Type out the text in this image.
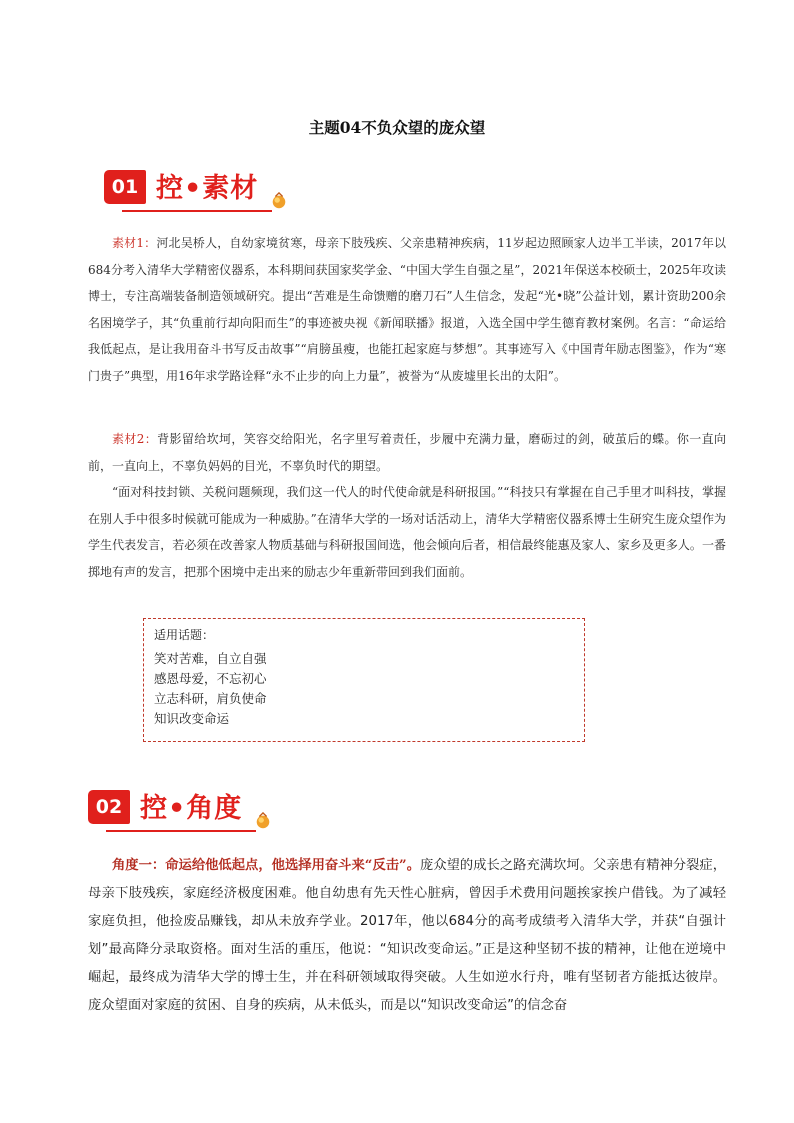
主题04不负众望的庞众望
01 控•素材

素材1：河北吴桥人，自幼家境贫寒，母亲下肢残疾、父亲患精神疾病，11岁起边照顾家人边半工半读，2017年以684分考入清华大学精密仪器系，本科期间获国家奖学金、“中国大学生自强之星”，2021年保送本校硕士，2025年攻读博士，专注高端装备制造领域研究。提出“苦难是生命馈赠的磨刀石”人生信念，发起“光•晓”公益计划，累计资助200余名困境学子，其“负重前行却向阳而生”的事迹被央视《新闻联播》报道，入选全国中学生德育教材案例。名言：“命运给我低起点，是让我用奋斗书写反击故事”“肩膀虽瘦，也能扛起家庭与梦想”。其事迹写入《中国青年励志图鉴》，作为“寒门贵子”典型，用16年求学路诠释“永不止步的向上力量”，被誉为“从废墟里长出的太阳”。

素材2：背影留给坎坷，笑容交给阳光，名字里写着责任，步履中充满力量，磨砺过的剑，破茧后的蝶。你一直向前，一直向上，不辜负妈妈的目光，不辜负时代的期望。

“面对科技封锁、关税问题频现，我们这一代人的时代使命就是科研报国。”“科技只有掌握在自己手里才叫科技，掌握在别人手中很多时候就可能成为一种威胁。”在清华大学的一场对话活动上，清华大学精密仪器系博士生研究生庞众望作为学生代表发言，若必须在改善家人物质基础与科研报国间选，他会倾向后者，相信最终能惠及家人、家乡及更多人。一番掷地有声的发言，把那个困境中走出来的励志少年重新带回到我们面前。

适用话题：
笑对苦难，自立自强
感恩母爱，不忘初心
立志科研，肩负使命
知识改变命运
02 控•角度

角度一：命运给他低起点，他选择用奋斗来“反击”。庞众望的成长之路充满坎坷。父亲患有精神分裂症，母亲下肢残疾，家庭经济极度困难。他自幼患有先天性心脏病，曾因手术费用问题挨家挨户借钱。为了减轻家庭负担，他捡废品赚钱，却从未放弃学业。2017年，他以684分的高考成绩考入清华大学，并获“自强计划”最高降分录取资格。面对生活的重压，他说：“知识改变命运。”正是这种坚韧不拔的精神，让他在逆境中崛起，最终成为清华大学的博士生，并在科研领域取得突破。人生如逆水行舟，唯有坚韧者方能抵达彼岸。庞众望面对家庭的贫困、自身的疾病，从未低头，而是以“知识改变命运”的信念奋
